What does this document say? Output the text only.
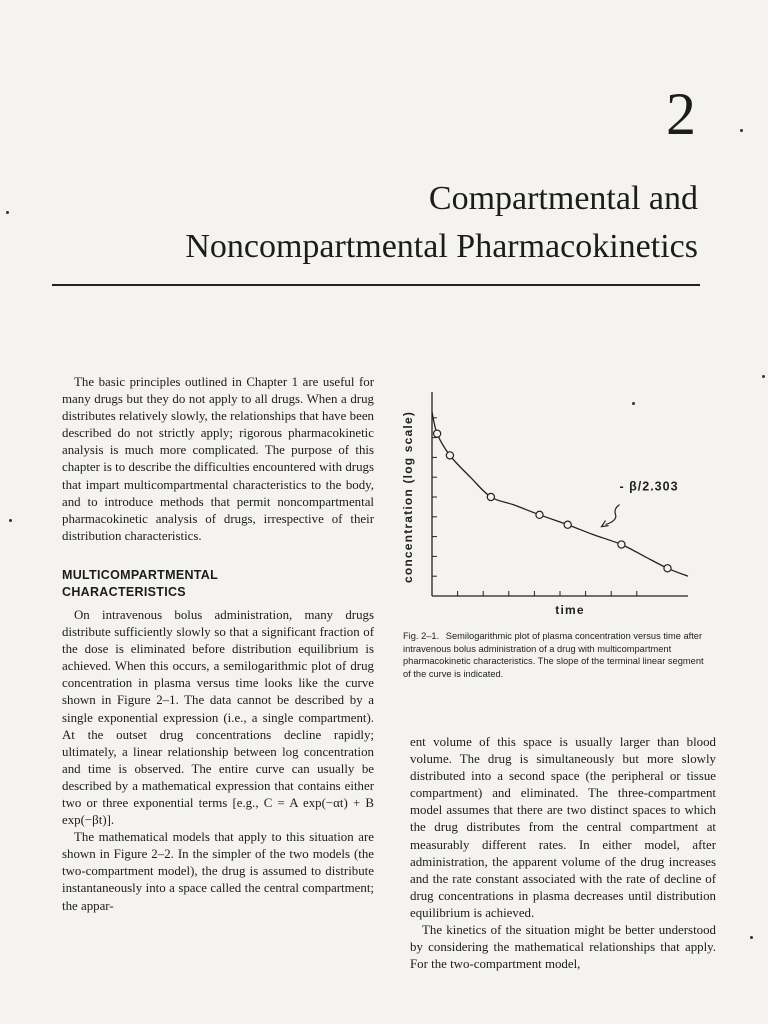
2
Compartmental and
Noncompartmental Pharmacokinetics

The basic principles outlined in Chapter 1 are useful for many drugs but they do not apply to all drugs. When a drug distributes relatively slowly, the relationships that have been described do not strictly apply; rigorous pharmacokinetic analysis is much more complicated. The purpose of this chapter is to describe the difficulties encountered with drugs that impart multicompartmental characteristics to the body, and to introduce methods that permit noncompartmental pharmacokinetic analysis of drugs, irrespective of their distribution characteristics.

MULTICOMPARTMENTAL
CHARACTERISTICS

On intravenous bolus administration, many drugs distribute sufficiently slowly so that a significant fraction of the dose is eliminated before distribution equilibrium is achieved. When this occurs, a semilogarithmic plot of drug concentration in plasma versus time looks like the curve shown in Figure 2–1. The data cannot be described by a single exponential expression (i.e., a single compartment). At the outset drug concentrations decline rapidly; ultimately, a linear relationship between log concentration and time is observed. The entire curve can usually be described by a mathematical expression that contains either two or three exponential terms [e.g., C = A exp(−αt) + B exp(−βt)].

The mathematical models that apply to this situation are shown in Figure 2–2. In the simpler of the two models (the two-compartment model), the drug is assumed to distribute instantaneously into a space called the central compartment; the appar-

concentration (log scale)
time
- β/2.303
Fig. 2–1. Semilogarithmic plot of plasma concentration versus time after intravenous bolus administration of a drug with multicompartment pharmacokinetic characteristics. The slope of the terminal linear segment of the curve is indicated.

ent volume of this space is usually larger than blood volume. The drug is simultaneously but more slowly distributed into a second space (the peripheral or tissue compartment) and eliminated. The three-compartment model assumes that there are two distinct spaces to which the drug distributes from the central compartment at measurably different rates. In either model, after administration, the apparent volume of the drug increases and the rate constant associated with the rate of decline of drug concentrations in plasma decreases until distribution equilibrium is achieved.

The kinetics of the situation might be better understood by considering the mathematical relationships that apply. For the two-compartment model,
